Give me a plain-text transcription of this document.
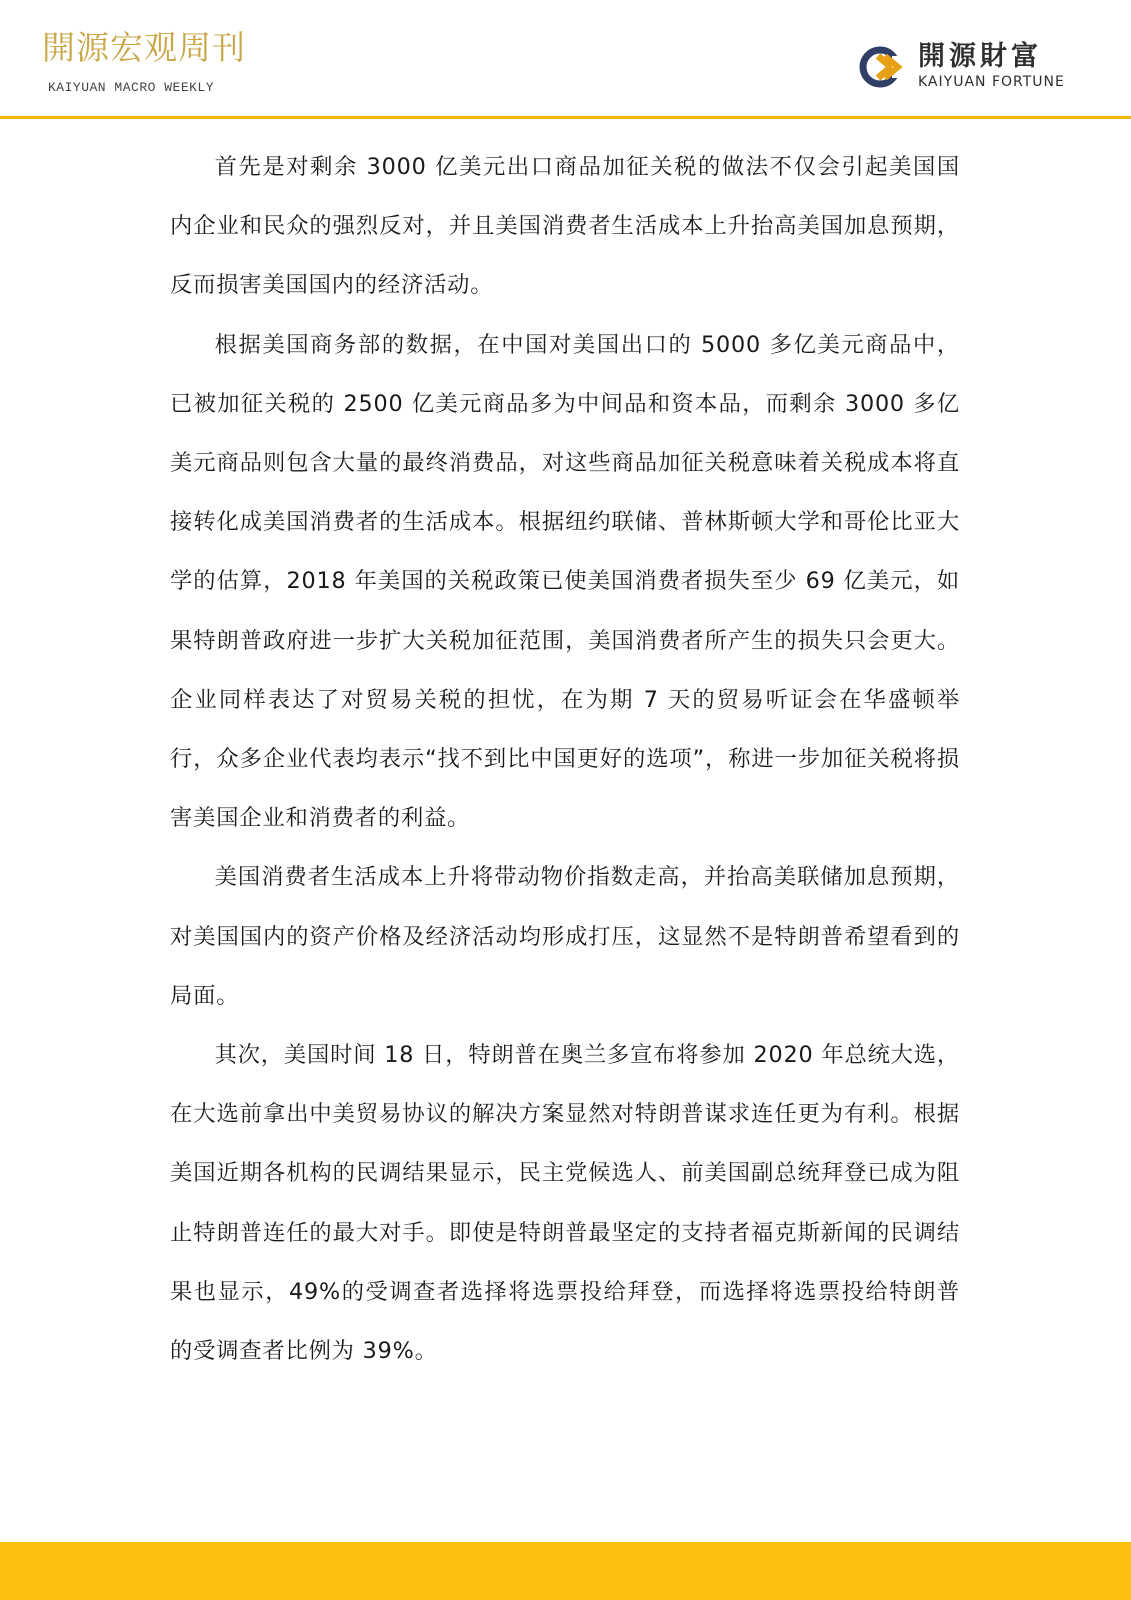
開源宏观周刊
KAIYUAN MACRO WEEKLY
開源財富
KAIYUAN FORTUNE

首先是对剩余 3000 亿美元出口商品加征关税的做法不仅会引起美国国内企业和民众的强烈反对，并且美国消费者生活成本上升抬高美国加息预期，反而损害美国国内的经济活动。

根据美国商务部的数据，在中国对美国出口的 5000 多亿美元商品中，已被加征关税的 2500 亿美元商品多为中间品和资本品，而剩余 3000 多亿美元商品则包含大量的最终消费品，对这些商品加征关税意味着关税成本将直接转化成美国消费者的生活成本。根据纽约联储、普林斯顿大学和哥伦比亚大学的估算，2018 年美国的关税政策已使美国消费者损失至少 69 亿美元，如果特朗普政府进一步扩大关税加征范围，美国消费者所产生的损失只会更大。企业同样表达了对贸易关税的担忧，在为期 7 天的贸易听证会在华盛顿举行，众多企业代表均表示“找不到比中国更好的选项”，称进一步加征关税将损害美国企业和消费者的利益。

美国消费者生活成本上升将带动物价指数走高，并抬高美联储加息预期，对美国国内的资产价格及经济活动均形成打压，这显然不是特朗普希望看到的局面。

其次，美国时间 18 日，特朗普在奥兰多宣布将参加 2020 年总统大选，在大选前拿出中美贸易协议的解决方案显然对特朗普谋求连任更为有利。根据美国近期各机构的民调结果显示，民主党候选人、前美国副总统拜登已成为阻止特朗普连任的最大对手。即使是特朗普最坚定的支持者福克斯新闻的民调结果也显示，49%的受调查者选择将选票投给拜登，而选择将选票投给特朗普的受调查者比例为 39%。
